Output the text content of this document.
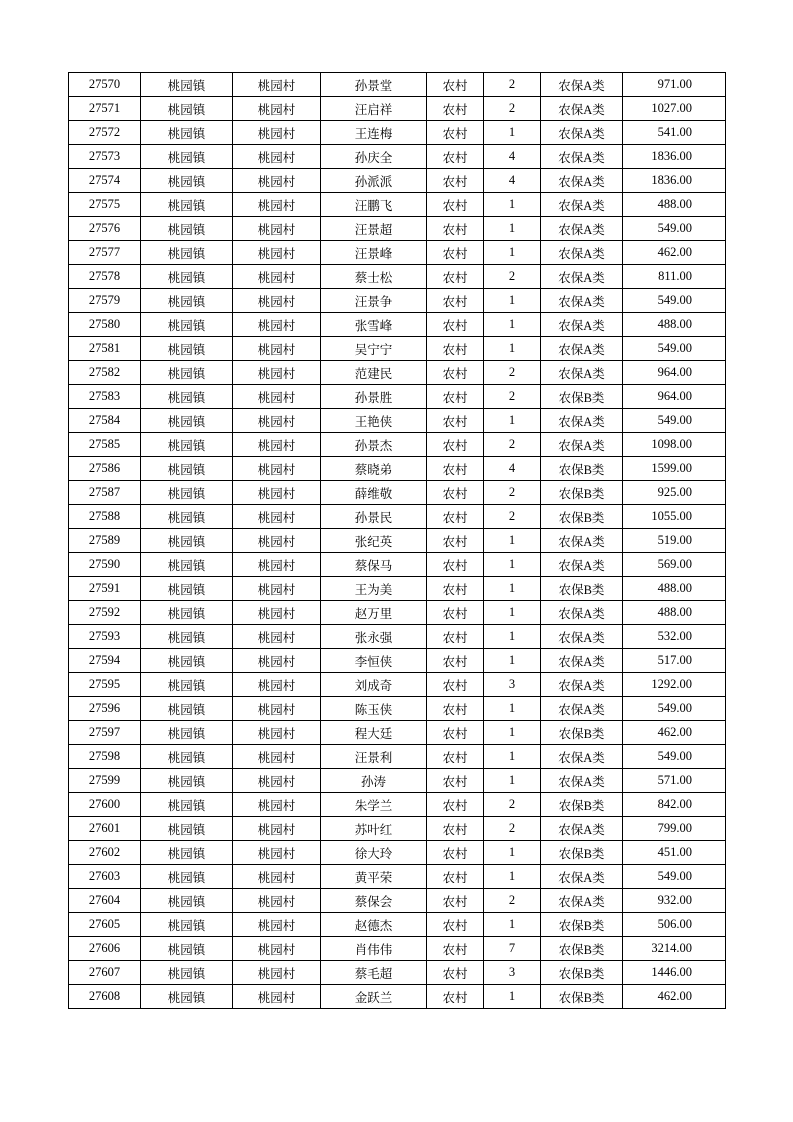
27570	桃园镇	桃园村	孙景堂	农村	2	农保A类	971.00
27571	桃园镇	桃园村	汪启祥	农村	2	农保A类	1027.00
27572	桃园镇	桃园村	王连梅	农村	1	农保A类	541.00
27573	桃园镇	桃园村	孙庆全	农村	4	农保A类	1836.00
27574	桃园镇	桃园村	孙派派	农村	4	农保A类	1836.00
27575	桃园镇	桃园村	汪鹏飞	农村	1	农保A类	488.00
27576	桃园镇	桃园村	汪景超	农村	1	农保A类	549.00
27577	桃园镇	桃园村	汪景峰	农村	1	农保A类	462.00
27578	桃园镇	桃园村	蔡士松	农村	2	农保A类	811.00
27579	桃园镇	桃园村	汪景争	农村	1	农保A类	549.00
27580	桃园镇	桃园村	张雪峰	农村	1	农保A类	488.00
27581	桃园镇	桃园村	吴宁宁	农村	1	农保A类	549.00
27582	桃园镇	桃园村	范建民	农村	2	农保A类	964.00
27583	桃园镇	桃园村	孙景胜	农村	2	农保B类	964.00
27584	桃园镇	桃园村	王艳侠	农村	1	农保A类	549.00
27585	桃园镇	桃园村	孙景杰	农村	2	农保A类	1098.00
27586	桃园镇	桃园村	蔡晓弟	农村	4	农保B类	1599.00
27587	桃园镇	桃园村	薛维敬	农村	2	农保B类	925.00
27588	桃园镇	桃园村	孙景民	农村	2	农保B类	1055.00
27589	桃园镇	桃园村	张纪英	农村	1	农保A类	519.00
27590	桃园镇	桃园村	蔡保马	农村	1	农保A类	569.00
27591	桃园镇	桃园村	王为美	农村	1	农保B类	488.00
27592	桃园镇	桃园村	赵万里	农村	1	农保A类	488.00
27593	桃园镇	桃园村	张永强	农村	1	农保A类	532.00
27594	桃园镇	桃园村	李恒侠	农村	1	农保A类	517.00
27595	桃园镇	桃园村	刘成奇	农村	3	农保A类	1292.00
27596	桃园镇	桃园村	陈玉侠	农村	1	农保A类	549.00
27597	桃园镇	桃园村	程大廷	农村	1	农保B类	462.00
27598	桃园镇	桃园村	汪景利	农村	1	农保A类	549.00
27599	桃园镇	桃园村	孙涛	农村	1	农保A类	571.00
27600	桃园镇	桃园村	朱学兰	农村	2	农保B类	842.00
27601	桃园镇	桃园村	苏叶红	农村	2	农保A类	799.00
27602	桃园镇	桃园村	徐大玲	农村	1	农保B类	451.00
27603	桃园镇	桃园村	黄平荣	农村	1	农保A类	549.00
27604	桃园镇	桃园村	蔡保会	农村	2	农保A类	932.00
27605	桃园镇	桃园村	赵德杰	农村	1	农保B类	506.00
27606	桃园镇	桃园村	肖伟伟	农村	7	农保B类	3214.00
27607	桃园镇	桃园村	蔡毛超	农村	3	农保B类	1446.00
27608	桃园镇	桃园村	金跃兰	农村	1	农保B类	462.00
